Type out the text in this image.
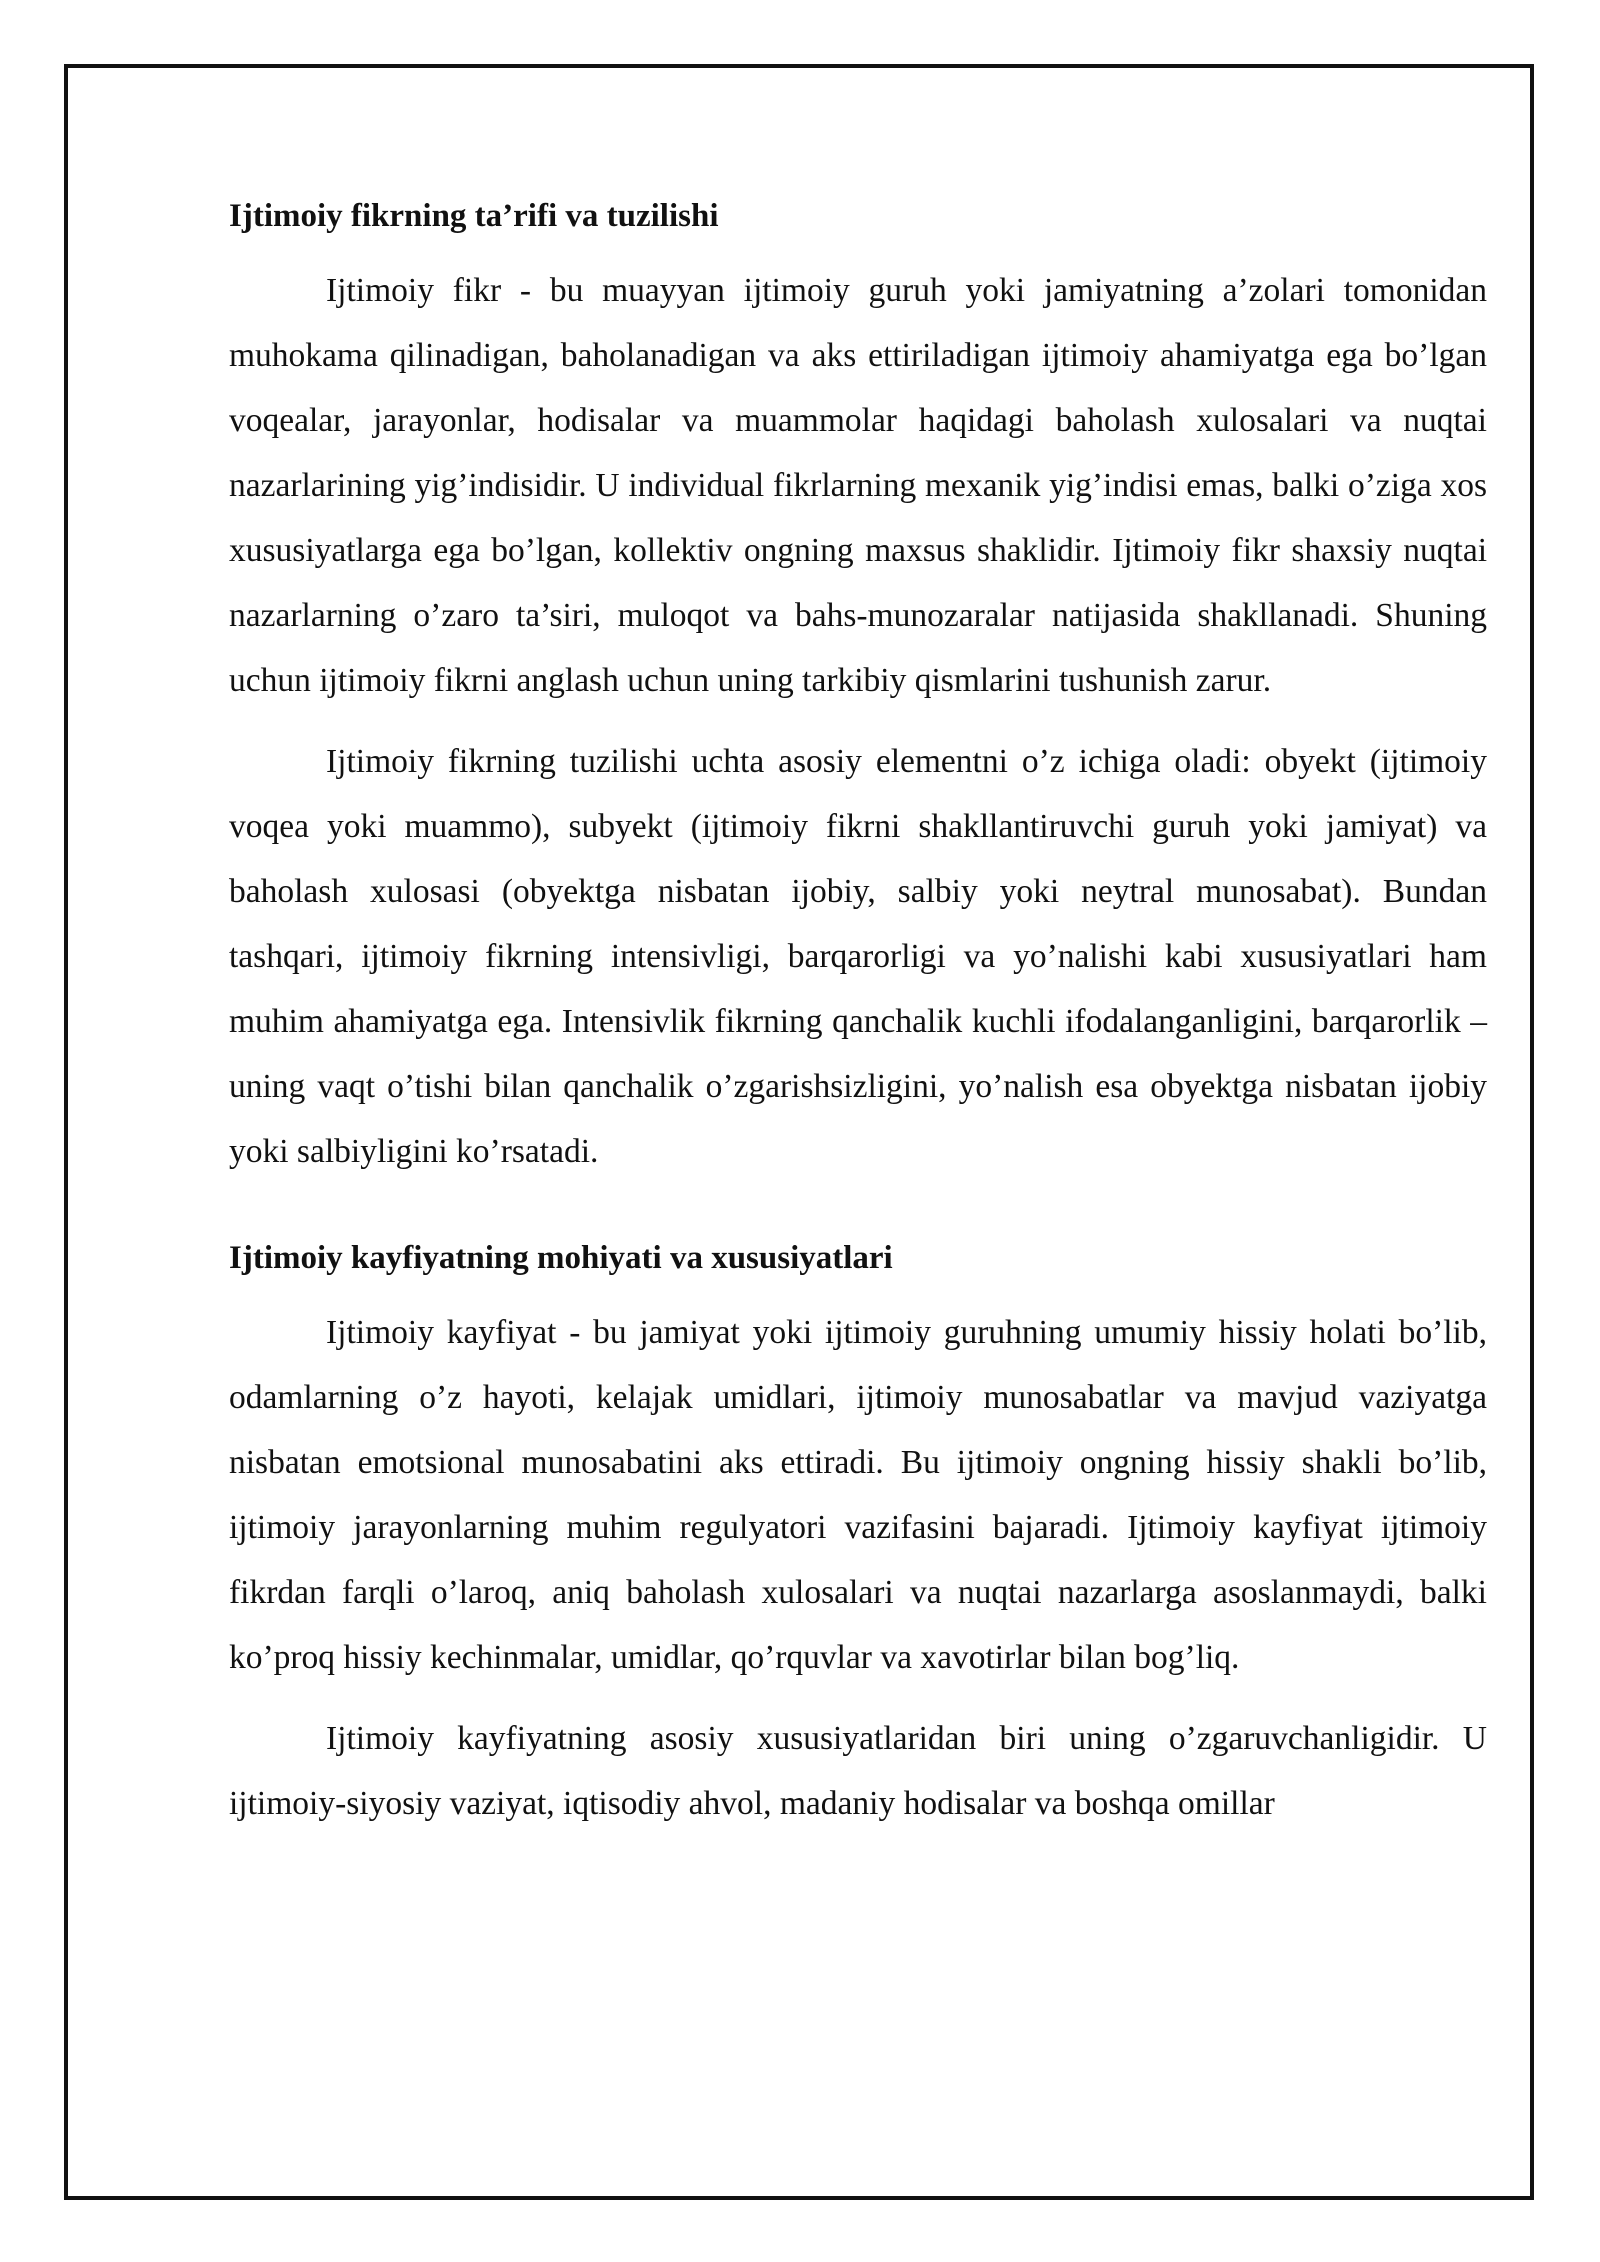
Ijtimoiy fikrning ta’rifi va tuzilishi

Ijtimoiy fikr - bu muayyan ijtimoiy guruh yoki jamiyatning a’zolari tomonidan muhokama qilinadigan, baholanadigan va aks ettiriladigan ijtimoiy ahamiyatga ega bo’lgan voqealar, jarayonlar, hodisalar va muammolar haqidagi baholash xulosalari va nuqtai nazarlarining yig’indisidir. U individual fikrlarning mexanik yig’indisi emas, balki o’ziga xos xususiyatlarga ega bo’lgan, kollektiv ongning maxsus shaklidir. Ijtimoiy fikr shaxsiy nuqtai nazarlarning o’zaro ta’siri, muloqot va bahs-munozaralar natijasida shakllanadi. Shuning uchun ijtimoiy fikrni anglash uchun uning tarkibiy qismlarini tushunish zarur.

Ijtimoiy fikrning tuzilishi uchta asosiy elementni o’z ichiga oladi: obyekt (ijtimoiy voqea yoki muammo), subyekt (ijtimoiy fikrni shakllantiruvchi guruh yoki jamiyat) va baholash xulosasi (obyektga nisbatan ijobiy, salbiy yoki neytral munosabat). Bundan tashqari, ijtimoiy fikrning intensivligi, barqarorligi va yo’nalishi kabi xususiyatlari ham muhim ahamiyatga ega. Intensivlik fikrning qanchalik kuchli ifodalanganligini, barqarorlik – uning vaqt o’tishi bilan qanchalik o’zgarishsizligini, yo’nalish esa obyektga nisbatan ijobiy yoki salbiyligini ko’rsatadi.

Ijtimoiy kayfiyatning mohiyati va xususiyatlari

Ijtimoiy kayfiyat - bu jamiyat yoki ijtimoiy guruhning umumiy hissiy holati bo’lib, odamlarning o’z hayoti, kelajak umidlari, ijtimoiy munosabatlar va mavjud vaziyatga nisbatan emotsional munosabatini aks ettiradi. Bu ijtimoiy ongning hissiy shakli bo’lib, ijtimoiy jarayonlarning muhim regulyatori vazifasini bajaradi. Ijtimoiy kayfiyat ijtimoiy fikrdan farqli o’laroq, aniq baholash xulosalari va nuqtai nazarlarga asoslanmaydi, balki ko’proq hissiy kechinmalar, umidlar, qo’rquvlar va xavotirlar bilan bog’liq.

Ijtimoiy kayfiyatning asosiy xususiyatlaridan biri uning o’zgaruvchanligidir. U ijtimoiy-siyosiy vaziyat, iqtisodiy ahvol, madaniy hodisalar va boshqa omillar
